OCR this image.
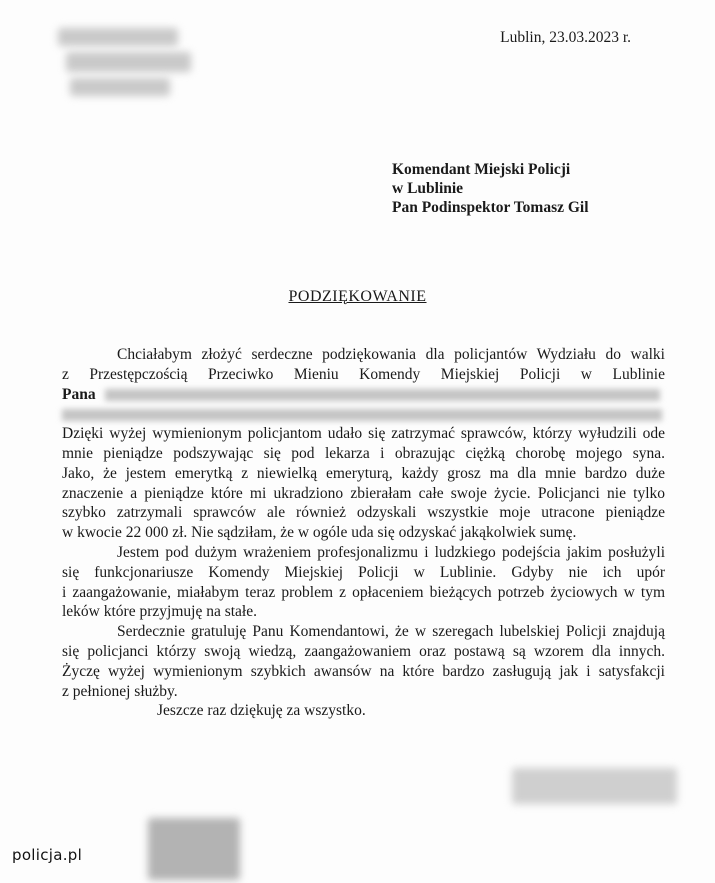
Lublin, 23.03.2023 r.
Komendant Miejski Policji
w Lublinie
Pan Podinspektor Tomasz Gil
PODZIĘKOWANIE
Chciałabym złożyć serdeczne podziękowania dla policjantów Wydziału do walki
z Przestępczością Przeciwko Mieniu Komendy Miejskiej Policji w Lublinie
Pana
Dzięki wyżej wymienionym policjantom udało się zatrzymać sprawców, którzy wyłudzili ode
mnie pieniądze podszywając się pod lekarza i obrazując ciężką chorobę mojego syna.
Jako, że jestem emerytką z niewielką emeryturą, każdy grosz ma dla mnie bardzo duże
znaczenie a pieniądze które mi ukradziono zbierałam całe swoje życie. Policjanci nie tylko
szybko zatrzymali sprawców ale również odzyskali wszystkie moje utracone pieniądze
w kwocie 22 000 zł. Nie sądziłam, że w ogóle uda się odzyskać jakąkolwiek sumę.
Jestem pod dużym wrażeniem profesjonalizmu i ludzkiego podejścia jakim posłużyli
się funkcjonariusze Komendy Miejskiej Policji w Lublinie. Gdyby nie ich upór
i zaangażowanie, miałabym teraz problem z opłaceniem bieżących potrzeb życiowych w tym
leków które przyjmuję na stałe.
Serdecznie gratuluję Panu Komendantowi, że w szeregach lubelskiej Policji znajdują
się policjanci którzy swoją wiedzą, zaangażowaniem oraz postawą są wzorem dla innych.
Życzę wyżej wymienionym szybkich awansów na które bardzo zasługują jak i satysfakcji
z pełnionej służby.
Jeszcze raz dziękuję za wszystko.
policja.pl
